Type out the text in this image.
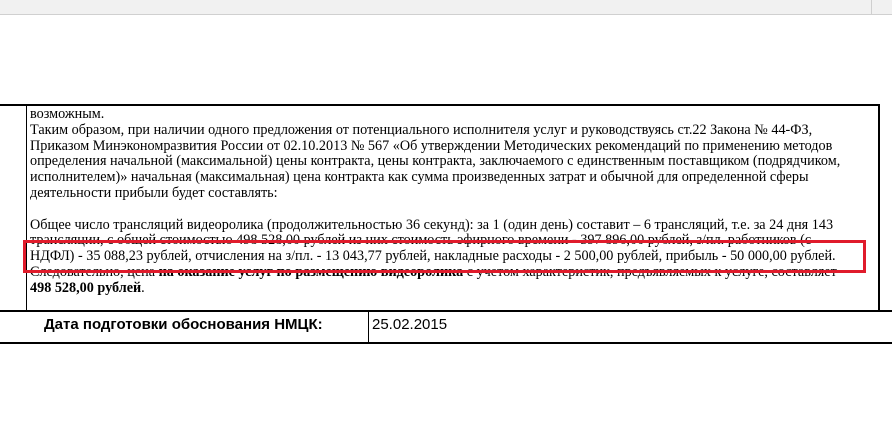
возможным.

Таким образом, при наличии одного предложения от потенциального исполнителя услуг и руководствуясь ст.22 Закона № 44-ФЗ,

Приказом Минэкономразвития России от 02.10.2013 № 567 «Об утверждении Методических рекомендаций по применению методов

определения начальной (максимальной) цены контракта, цены контракта, заключаемого с единственным поставщиком (подрядчиком,

исполнителем)» начальная (максимальная) цена контракта как сумма произведенных затрат и обычной для определенной сферы

деятельности прибыли будет составлять:

Общее число трансляций видеоролика (продолжительностью 36 секунд): за 1 (один день) составит – 6 трансляций, т.е. за 24 дня 143

трансляции, с общей стоимостью 498 528,00 рублей из них стоимость эфирного времени - 397 896,00 рублей, з/пл. работников (с

НДФЛ) - 35 088,23 рублей, отчисления на з/пл. - 13 043,77 рублей, накладные расходы - 2 500,00 рублей, прибыль - 50 000,00 рублей.

Следовательно, цена на оказание услуг по размещению видеоролика с учетом характеристик, предъявляемых к услуге, составляет

498 528,00 рублей.

Дата подготовки обоснования НМЦК:	25.02.2015
